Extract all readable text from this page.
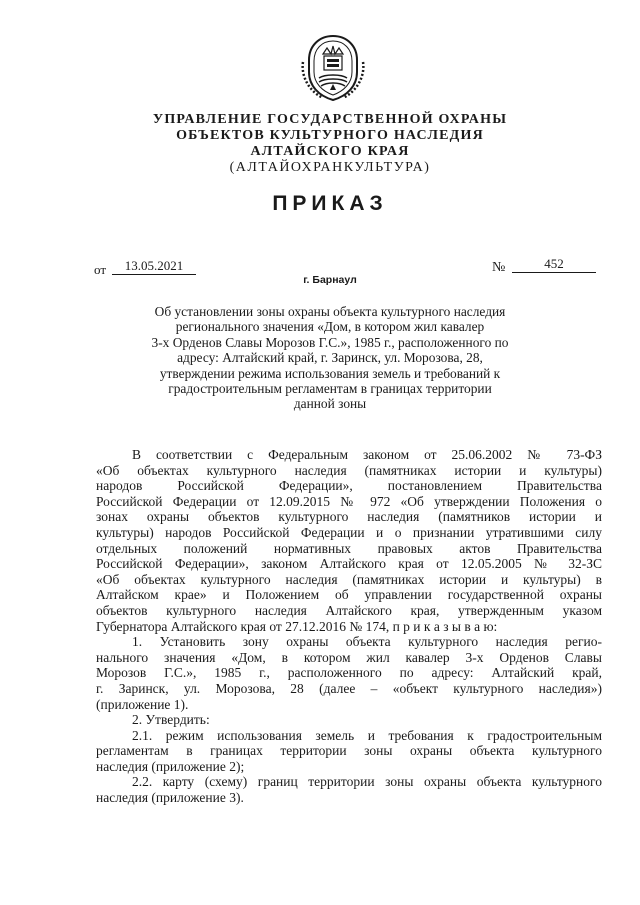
УПРАВЛЕНИЕ ГОСУДАРСТВЕННОЙ ОХРАНЫ
ОБЪЕКТОВ КУЛЬТУРНОГО НАСЛЕДИЯ
АЛТАЙСКОГО КРАЯ
(АЛТАЙОХРАНКУЛЬТУРА)
ПРИКАЗ
от	13.05.2021	№	452
г. Барнаул
Об установлении зоны охраны объекта культурного наследия
регионального значения «Дом, в котором жил кавалер
3-х Орденов Славы Морозов Г.С.», 1985 г., расположенного по
адресу: Алтайский край, г. Заринск, ул. Морозова, 28,
утверждении режима использования земель и требований к
градостроительным регламентам в границах территории
данной зоны
В соответствии с Федеральным законом от 25.06.2002 № 73-ФЗ
«Об объектах культурного наследия (памятниках истории и культуры)
народов Российской Федерации», постановлением Правительства
Российской Федерации от 12.09.2015 № 972 «Об утверждении Положения о
зонах охраны объектов культурного наследия (памятников истории и
культуры) народов Российской Федерации и о признании утратившими силу
отдельных положений нормативных правовых актов Правительства
Российской Федерации», законом Алтайского края от 12.05.2005 № 32-ЗС
«Об объектах культурного наследия (памятниках истории и культуры) в
Алтайском крае» и Положением об управлении государственной охраны
объектов культурного наследия Алтайского края, утвержденным указом
Губернатора Алтайского края от 27.12.2016 № 174, п р и к а з ы в а ю:
1. Установить зону охраны объекта культурного наследия регио-
нального значения «Дом, в котором жил кавалер 3-х Орденов Славы
Морозов Г.С.», 1985 г., расположенного по адресу: Алтайский край,
г. Заринск, ул. Морозова, 28 (далее – «объект культурного наследия»)
(приложение 1).
2. Утвердить:
2.1. режим использования земель и требования к градостроительным
регламентам в границах территории зоны охраны объекта культурного
наследия (приложение 2);
2.2. карту (схему) границ территории зоны охраны объекта культурного
наследия (приложение 3).
